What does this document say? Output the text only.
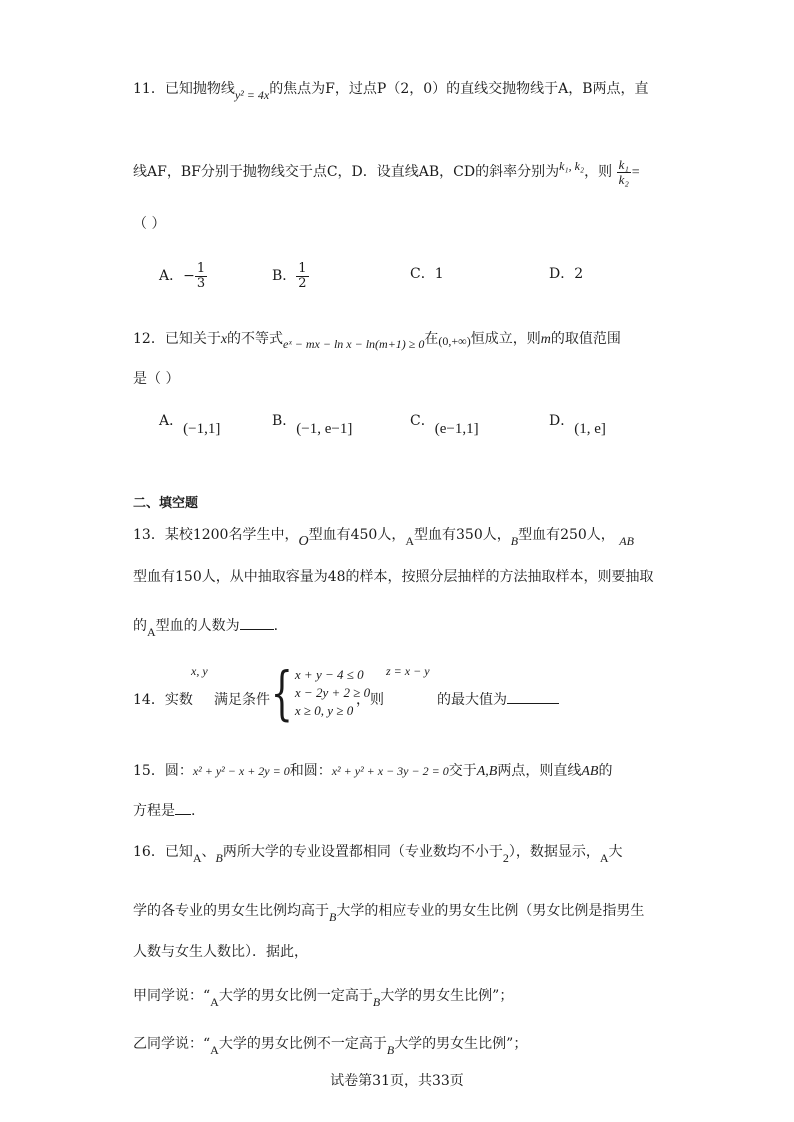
11．已知抛物线y² = 4x的焦点为F，过点P（2，0）的直线交抛物线于A，B两点，直
线AF，BF分别于抛物线交于点C，D．设直线AB，CD的斜率分别为k₁, k₂，则 $\frac{\text{k₁}}{\text{k₂}}$ =
（ ）
A．− $\frac{1}{3}$	B． $\frac{1}{2}$	C．1	D．2
12．已知关于x的不等式eˣ − mx − ln x − ln(m+1) ≥ 0在(0,+∞)恒成立，则m的取值范围
是（ ）
A．(−1,1]	B．(−1, e−1]	C．(e−1,1]	D．(1, e]
二、填空题
13．某校1200名学生中，O型血有450人，A型血有350人，B型血有250人， AB
型血有150人，从中抽取容量为48的样本，按照分层抽样的方法抽取样本，则要抽取
的A型血的人数为 .
x, y	z = x − y
14．实数 满足条件 { x + y − 4 ≤ 0
x − 2y + 2 ≥ 0
x ≥ 0, y ≥ 0
，则	的最大值为
15．圆：x² + y² − x + 2y = 0和圆：x² + y² + x − 3y − 2 = 0交于A,B两点，则直线AB的
方程是 .
16．已知A、B两所大学的专业设置都相同（专业数均不小于2），数据显示，A大
学的各专业的男女生比例均高于B大学的相应专业的男女生比例（男女比例是指男生
人数与女生人数比）．据此，
甲同学说：“A大学的男女比例一定高于B大学的男女生比例”；
乙同学说：“A大学的男女比例不一定高于B大学的男女生比例”；
试卷第31页，共33页
